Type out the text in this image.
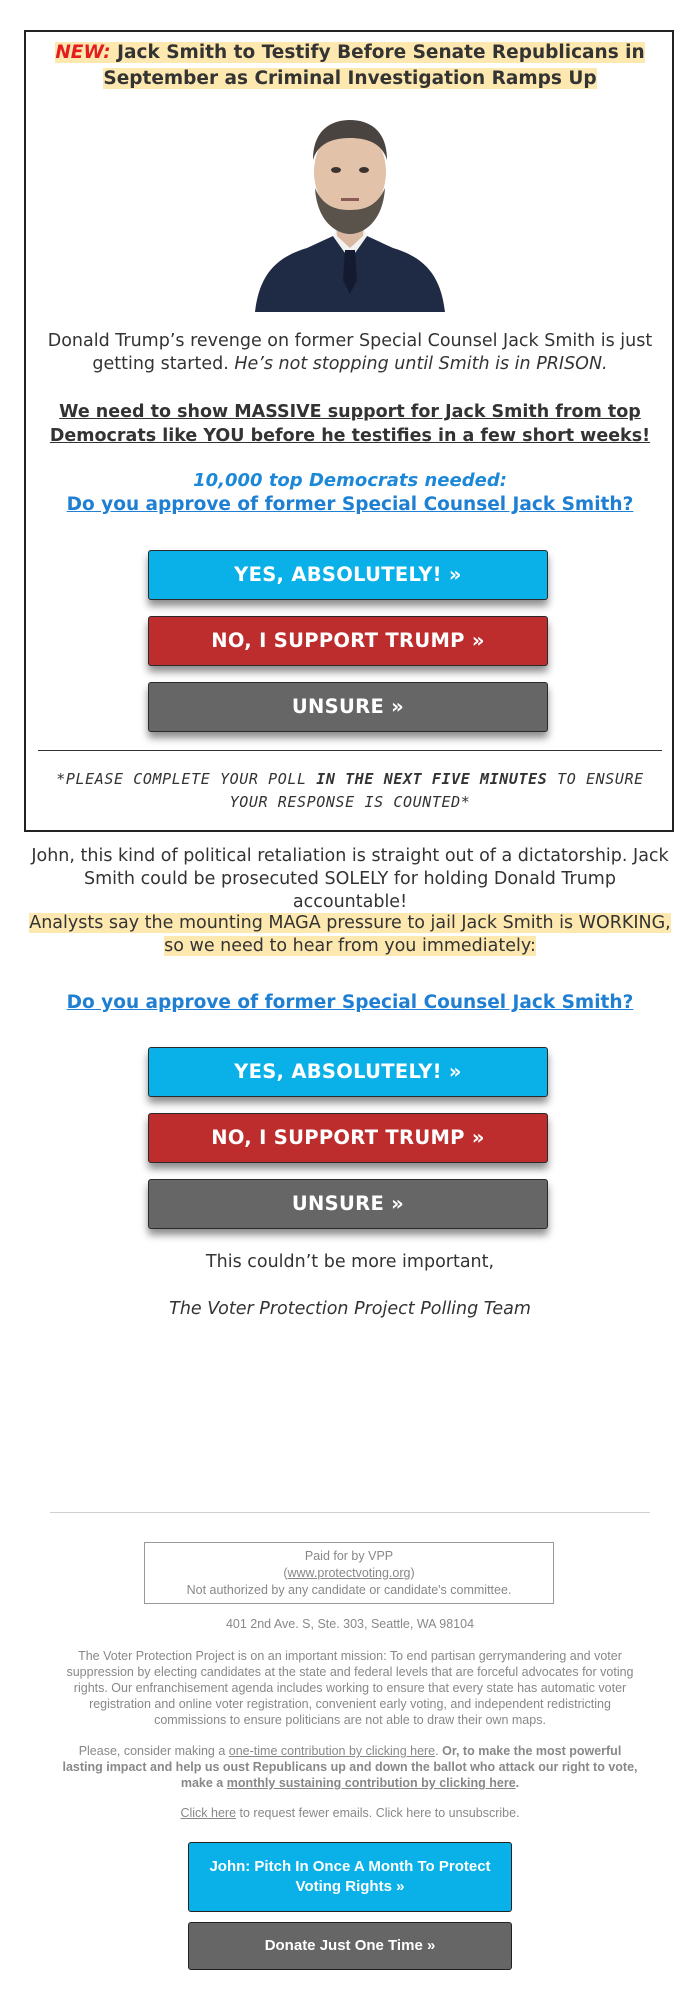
NEW: Jack Smith to Testify Before Senate Republicans in September as Criminal Investigation Ramps Up
Donald Trump’s revenge on former Special Counsel Jack Smith is just getting started. He’s not stopping until Smith is in PRISON.
We need to show MASSIVE support for Jack Smith from top Democrats like YOU before he testifies in a few short weeks!
10,000 top Democrats needed:
Do you approve of former Special Counsel Jack Smith?
YES, ABSOLUTELY! »
NO, I SUPPORT TRUMP »
UNSURE »
*PLEASE COMPLETE YOUR POLL IN THE NEXT FIVE MINUTES TO ENSURE YOUR RESPONSE IS COUNTED*
John, this kind of political retaliation is straight out of a dictatorship. Jack Smith could be prosecuted SOLELY for holding Donald Trump accountable!
Analysts say the mounting MAGA pressure to jail Jack Smith is WORKING, so we need to hear from you immediately:
Do you approve of former Special Counsel Jack Smith?
YES, ABSOLUTELY! »
NO, I SUPPORT TRUMP »
UNSURE »
This couldn’t be more important,
The Voter Protection Project Polling Team
Paid for by VPP
(www.protectvoting.org)
Not authorized by any candidate or candidate's committee.
401 2nd Ave. S, Ste. 303, Seattle, WA 98104
The Voter Protection Project is on an important mission: To end partisan gerrymandering and voter suppression by electing candidates at the state and federal levels that are forceful advocates for voting rights. Our enfranchisement agenda includes working to ensure that every state has automatic voter registration and online voter registration, convenient early voting, and independent redistricting commissions to ensure politicians are not able to draw their own maps.
Please, consider making a one-time contribution by clicking here. Or, to make the most powerful lasting impact and help us oust Republicans up and down the ballot who attack our right to vote, make a monthly sustaining contribution by clicking here.
Click here to request fewer emails. Click here to unsubscribe.
John: Pitch In Once A Month To Protect Voting Rights »
Donate Just One Time »
